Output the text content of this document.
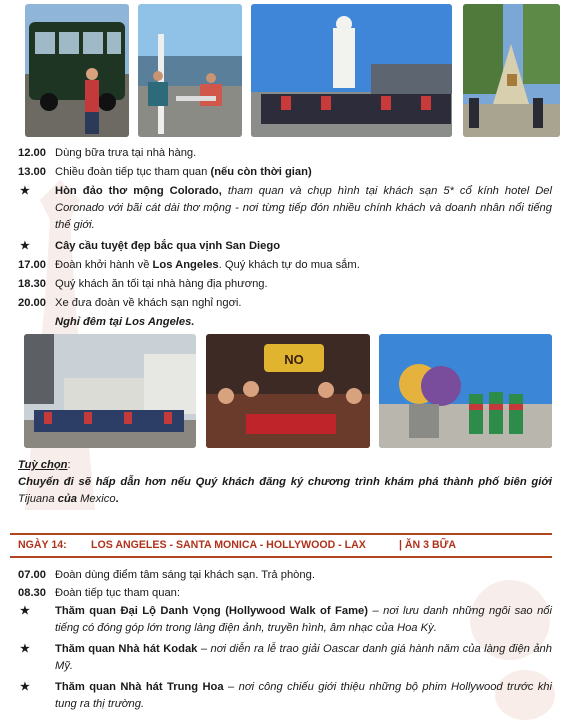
12.00 Dùng bữa trưa tại nhà hàng.
13.00 Chiều đoàn tiếp tục tham quan (nếu còn thời gian)
★	Hòn đảo thơ mộng Colorado, tham quan và chụp hình tại khách sạn 5* cổ kính hotel Del Coronado với bãi cát dài thơ mộng - nơi từng tiếp đón nhiều chính khách và doanh nhân nổi tiếng thế giới.
★	Cây cầu tuyệt đẹp bắc qua vịnh San Diego
17.00 Đoàn khởi hành về Los Angeles. Quý khách tự do mua sắm.
18.30 Quý khách ăn tối tại nhà hàng địa phương.
20.00 Xe đưa đoàn về khách sạn nghỉ ngơi.
Nghỉ đêm tại Los Angeles.
NO
Tuỳ chọn:
Chuyến đi sẽ hấp dẫn hơn nếu Quý khách đăng ký chương trình khám phá thành phố biên giới Tijuana của Mexico.
NGÀY 14: LOS ANGELES - SANTA MONICA - HOLLYWOOD - LAX	| ĂN 3 BỮA
07.00 Đoàn dùng điểm tâm sáng tại khách sạn. Trả phòng.
08.30 Đoàn tiếp tục tham quan:
★	Thăm quan Đại Lộ Danh Vọng (Hollywood Walk of Fame) – nơi lưu danh những ngôi sao nổi tiếng có đóng góp lớn trong làng điện ảnh, truyền hình, âm nhạc của Hoa Kỳ.
★	Thăm quan Nhà hát Kodak – nơi diễn ra lễ trao giải Oascar danh giá hành năm của làng điện ảnh Mỹ.
★	Thăm quan Nhà hát Trung Hoa – nơi công chiếu giới thiệu những bộ phim Hollywood trước khi tung ra thị trường.
